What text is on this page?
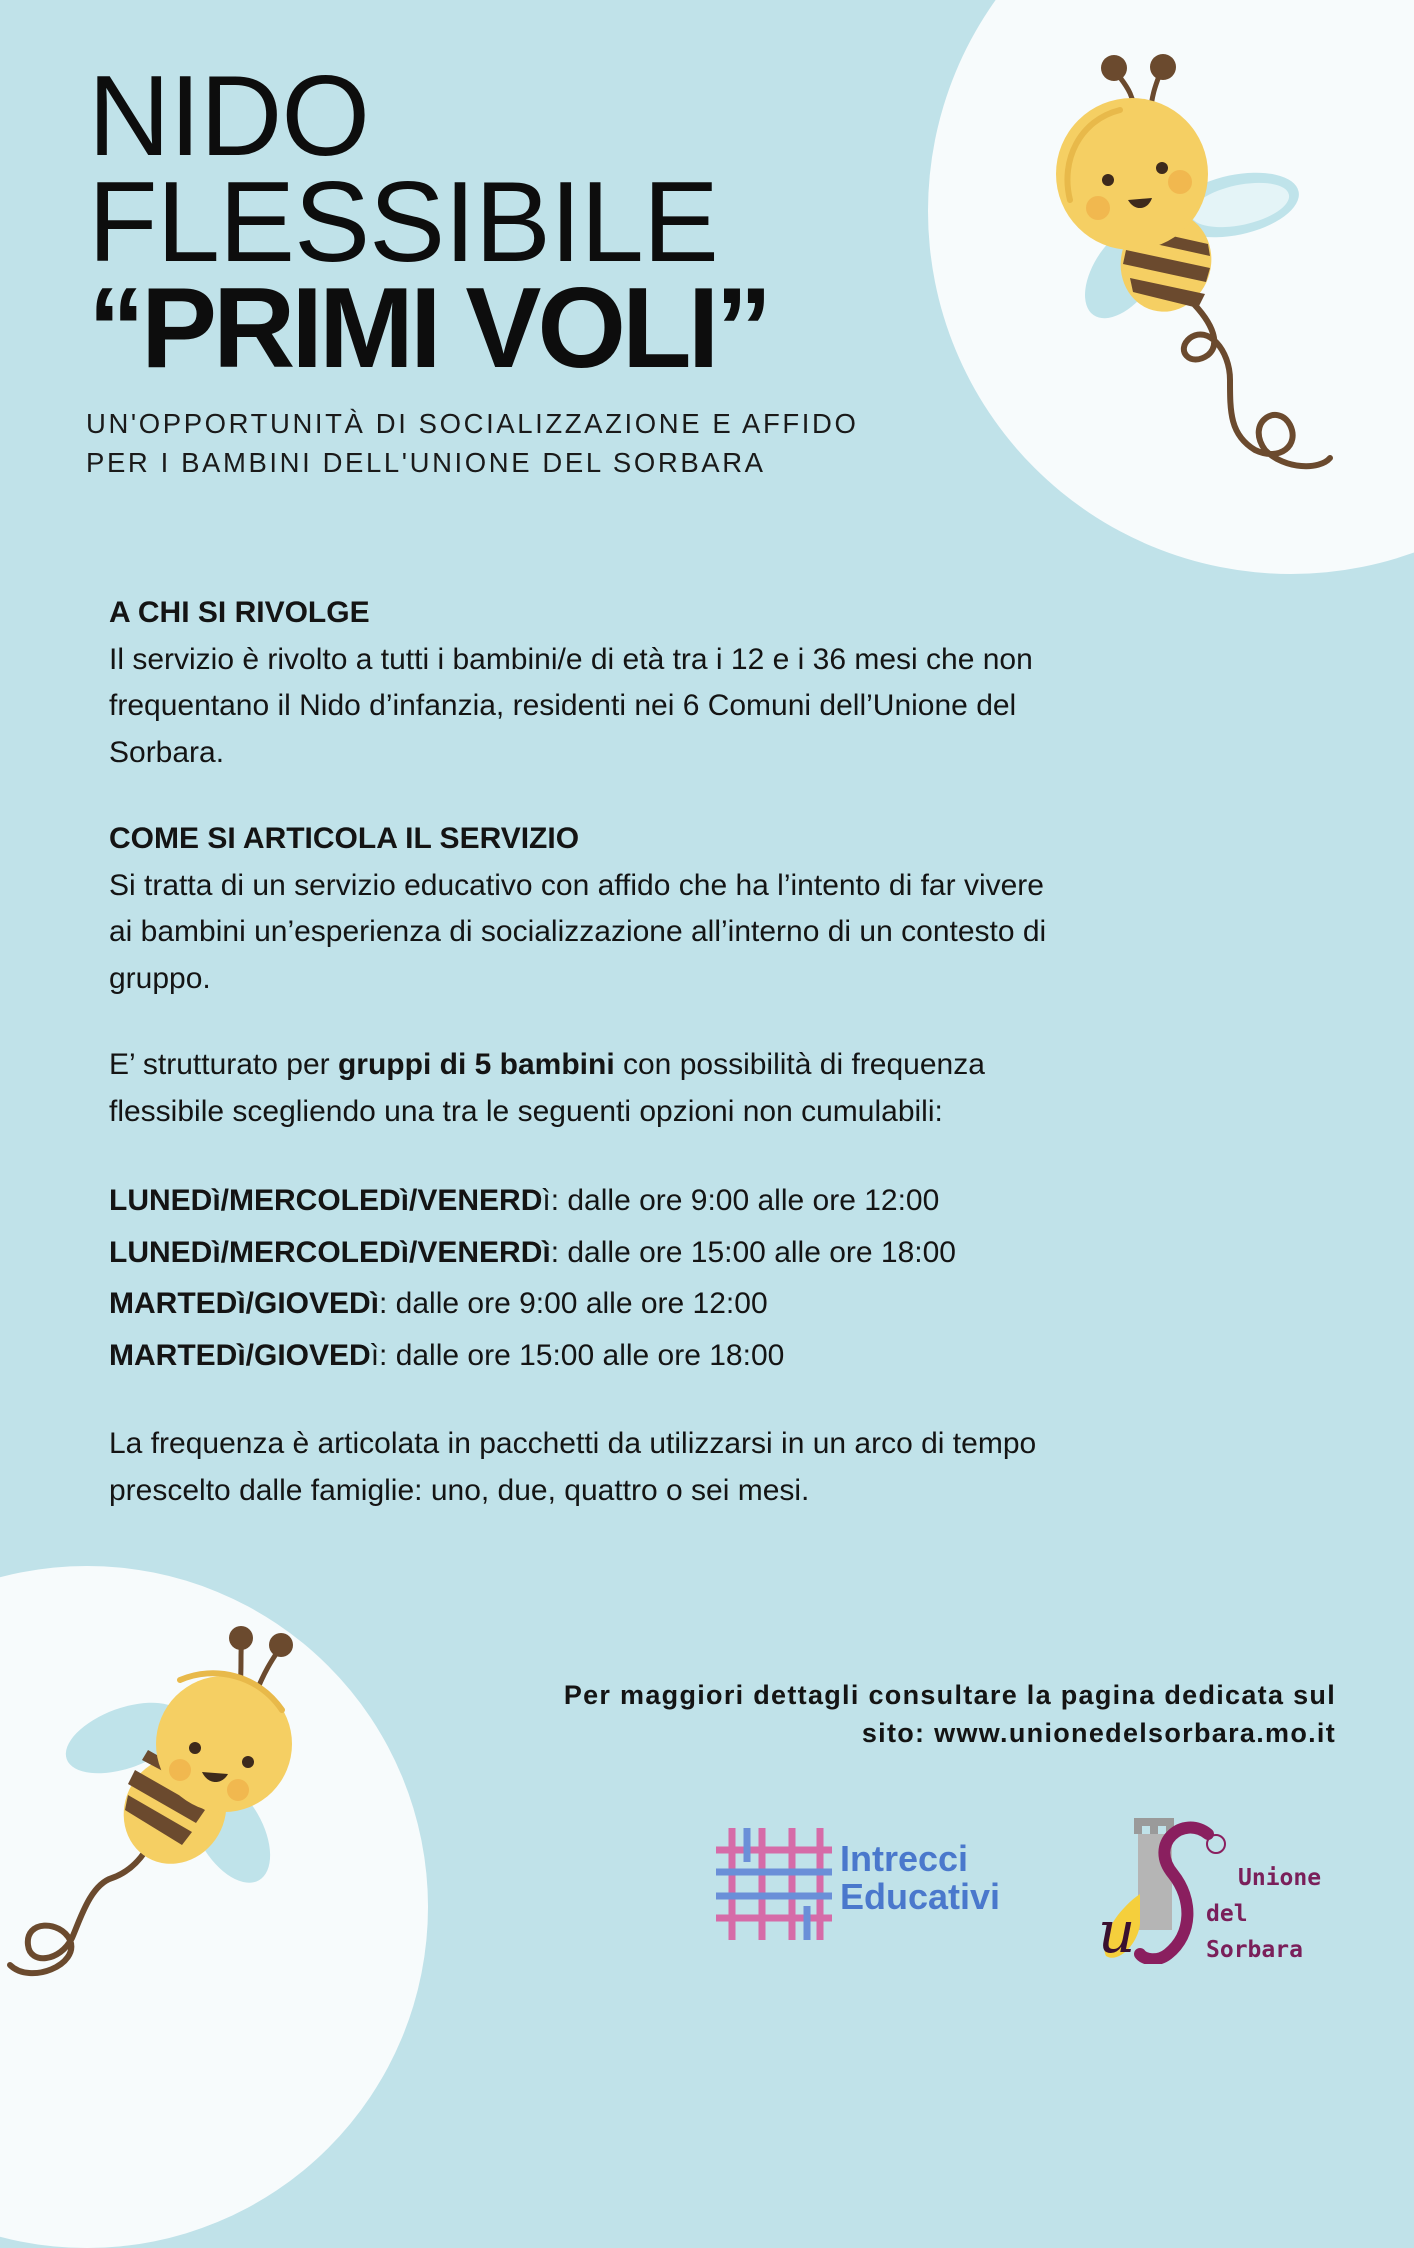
NIDO
FLESSIBILE
“PRIMI VOLI”
UN'OPPORTUNITÀ DI SOCIALIZZAZIONE E AFFIDO
PER I BAMBINI DELL'UNIONE DEL SORBARA

A CHI SI RIVOLGE

Il servizio è rivolto a tutti i bambini/e di età tra i 12 e i 36 mesi che non

frequentano il Nido d’infanzia, residenti nei 6 Comuni dell’Unione del

Sorbara.

COME SI ARTICOLA IL SERVIZIO

Si tratta di un servizio educativo con affido che ha l’intento di far vivere

ai bambini un’esperienza di socializzazione all’interno di un contesto di

gruppo.

E’ strutturato per gruppi di 5 bambini con possibilità di frequenza

flessibile scegliendo una tra le seguenti opzioni non cumulabili:

LUNEDì/MERCOLEDì/VENERDì: dalle ore 9:00 alle ore 12:00

LUNEDì/MERCOLEDì/VENERDì: dalle ore 15:00 alle ore 18:00

MARTEDì/GIOVEDì: dalle ore 9:00 alle ore 12:00

MARTEDì/GIOVEDì: dalle ore 15:00 alle ore 18:00

La frequenza è articolata in pacchetti da utilizzarsi in un arco di tempo

prescelto dalle famiglie: uno, due, quattro o sei mesi.

Per maggiori dettagli consultare la pagina dedicata sul
sito: www.unionedelsorbara.mo.it
Intrecci
Educativi
u
Unione
del Sorbara
